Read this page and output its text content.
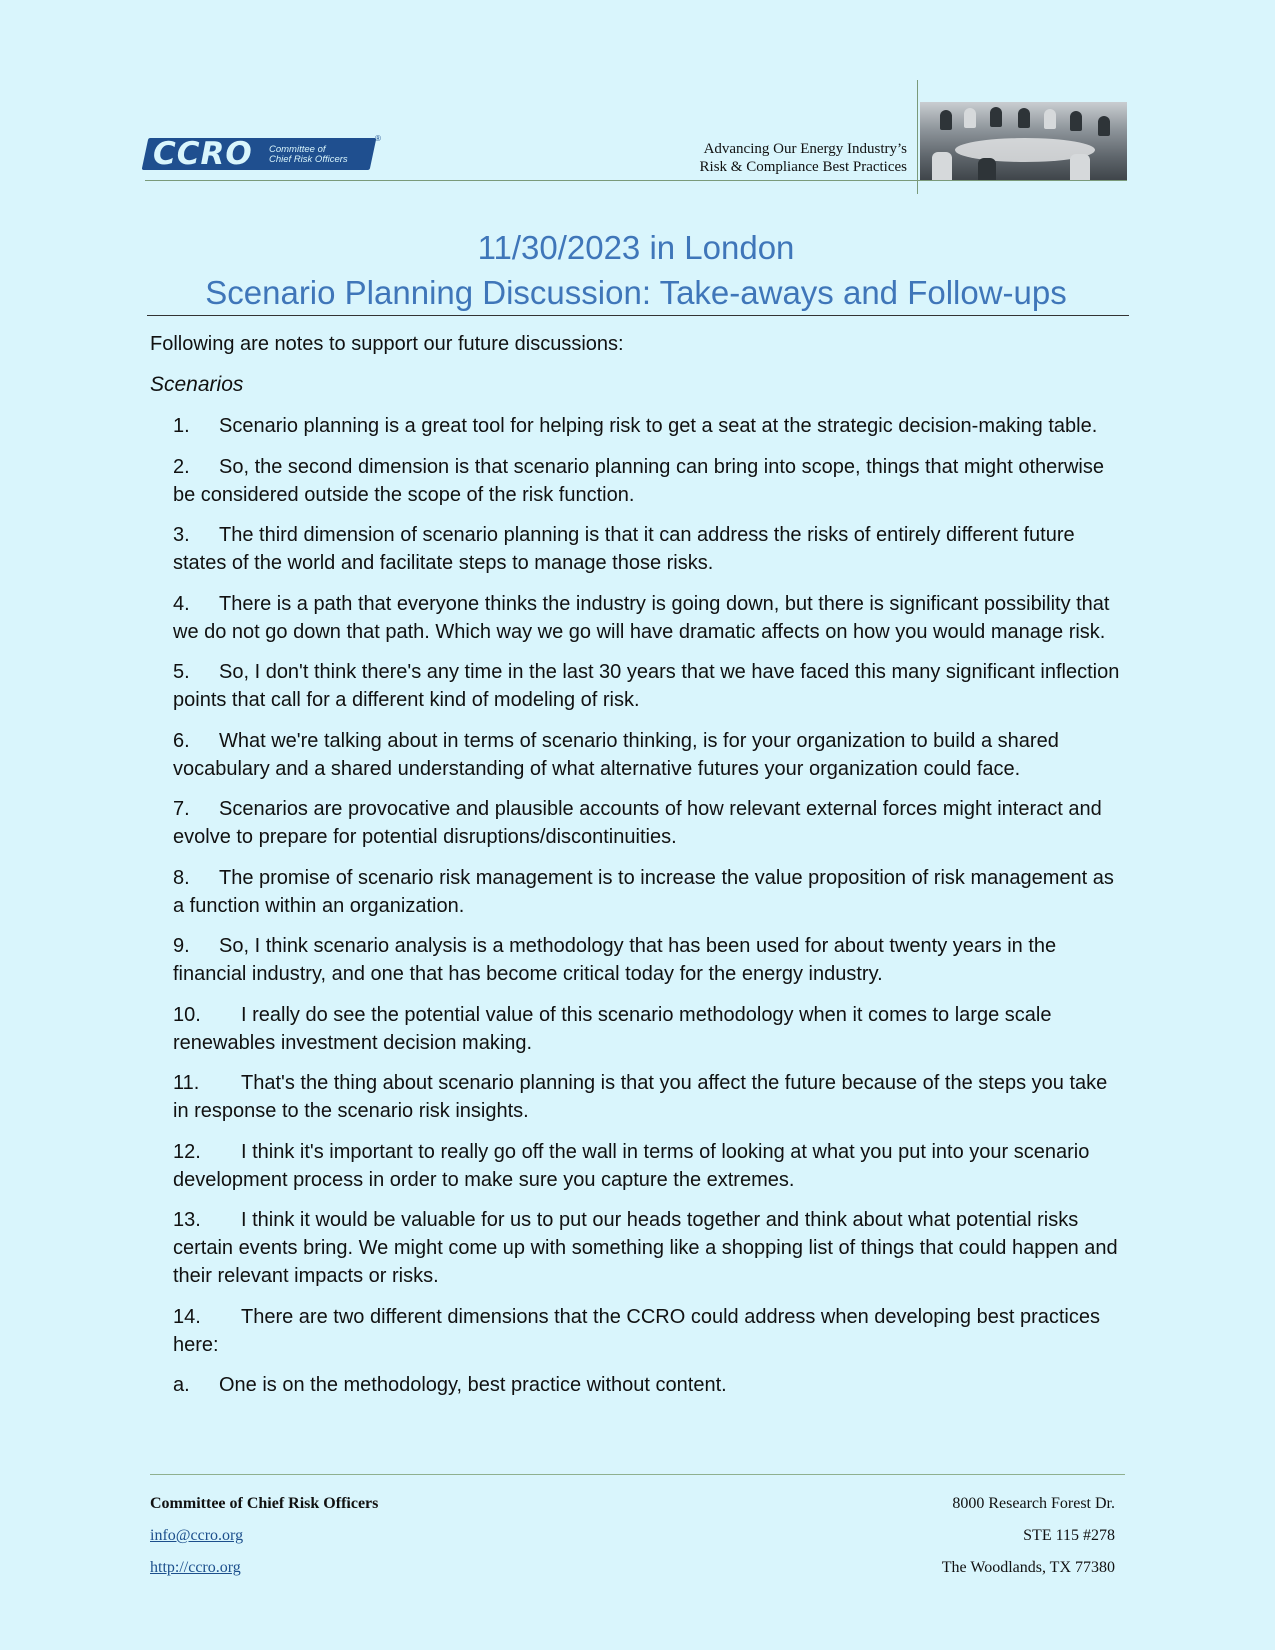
CCRO Committee of
Chief Risk Officers
®
Advancing Our Energy Industry’s
Risk & Compliance Best Practices
11/30/2023 in London
Scenario Planning Discussion: Take-aways and Follow-ups
Following are notes to support our future discussions:
Scenarios
1. Scenario planning is a great tool for helping risk to get a seat at the strategic decision-making table.
2. So, the second dimension is that scenario planning can bring into scope, things that might otherwise be considered outside the scope of the risk function.
3. The third dimension of scenario planning is that it can address the risks of entirely different future states of the world and facilitate steps to manage those risks.
4. There is a path that everyone thinks the industry is going down, but there is significant possibility that we do not go down that path. Which way we go will have dramatic affects on how you would manage risk.
5. So, I don't think there's any time in the last 30 years that we have faced this many significant inflection points that call for a different kind of modeling of risk.
6. What we're talking about in terms of scenario thinking, is for your organization to build a shared vocabulary and a shared understanding of what alternative futures your organization could face.
7. Scenarios are provocative and plausible accounts of how relevant external forces might interact and evolve to prepare for potential disruptions/discontinuities.
8. The promise of scenario risk management is to increase the value proposition of risk management as a function within an organization.
9. So, I think scenario analysis is a methodology that has been used for about twenty years in the financial industry, and one that has become critical today for the energy industry.
10. I really do see the potential value of this scenario methodology when it comes to large scale renewables investment decision making.
11. That's the thing about scenario planning is that you affect the future because of the steps you take in response to the scenario risk insights.
12. I think it's important to really go off the wall in terms of looking at what you put into your scenario development process in order to make sure you capture the extremes.
13. I think it would be valuable for us to put our heads together and think about what potential risks certain events bring. We might come up with something like a shopping list of things that could happen and their relevant impacts or risks.
14. There are two different dimensions that the CCRO could address when developing best practices here:
a. One is on the methodology, best practice without content.
Committee of Chief Risk Officers
info@ccro.org
http://ccro.org
8000 Research Forest Dr.
STE 115 #278
The Woodlands, TX 77380
